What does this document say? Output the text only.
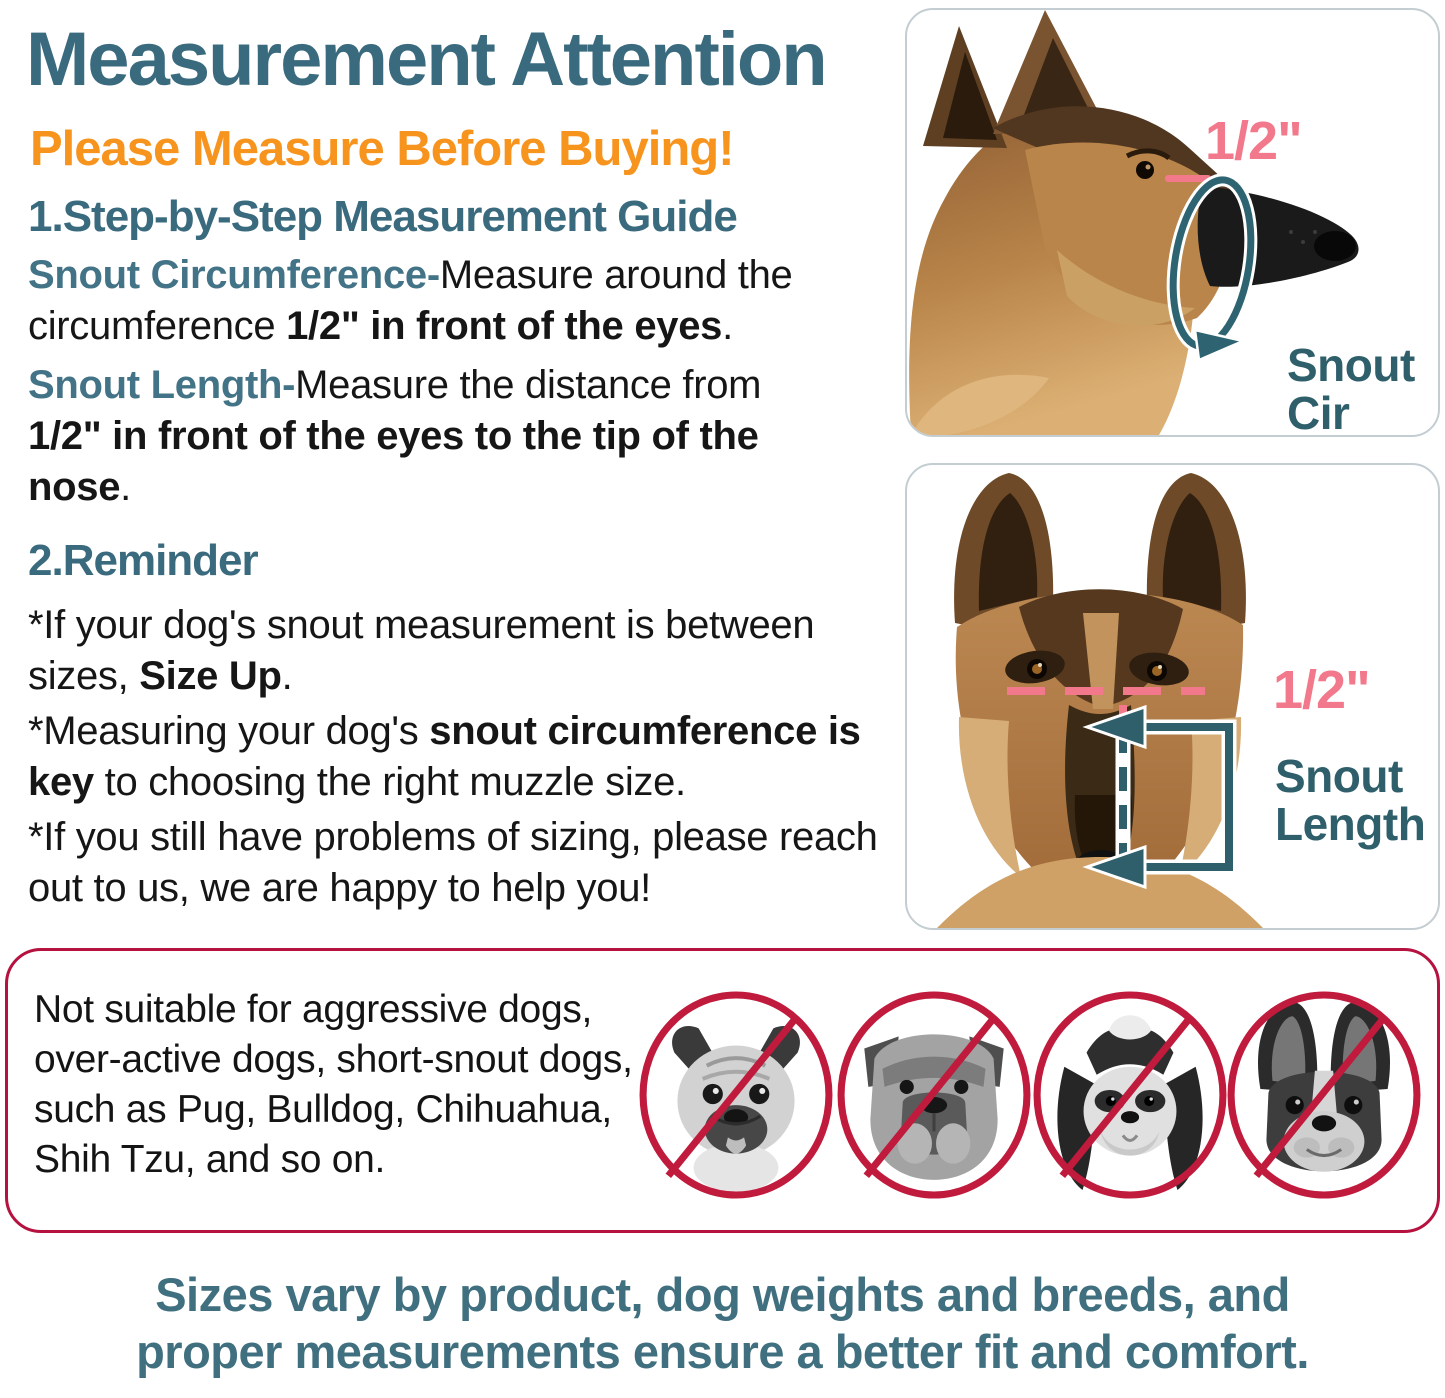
Measurement Attention
Please Measure Before Buying!
1.Step-by-Step Measurement Guide

Snout Circumference-Measure around the circumference 1/2" in front of the eyes.

Snout Length-Measure the distance from 1/2" in front of the eyes to the tip of the nose.

2.Reminder

*If your dog's snout measurement is between sizes, Size Up.

*Measuring your dog's snout circumference is key to choosing the right muzzle size.

*If you still have problems of sizing, please reach out to us, we are happy to help you!

1/2"
Snout
Cir
1/2"
Snout
Length

Not suitable for aggressive dogs, over-active dogs, short-snout dogs, such as Pug, Bulldog, Chihuahua, Shih Tzu, and so on.

Sizes vary by product, dog weights and breeds, and proper measurements ensure a better fit and comfort.
